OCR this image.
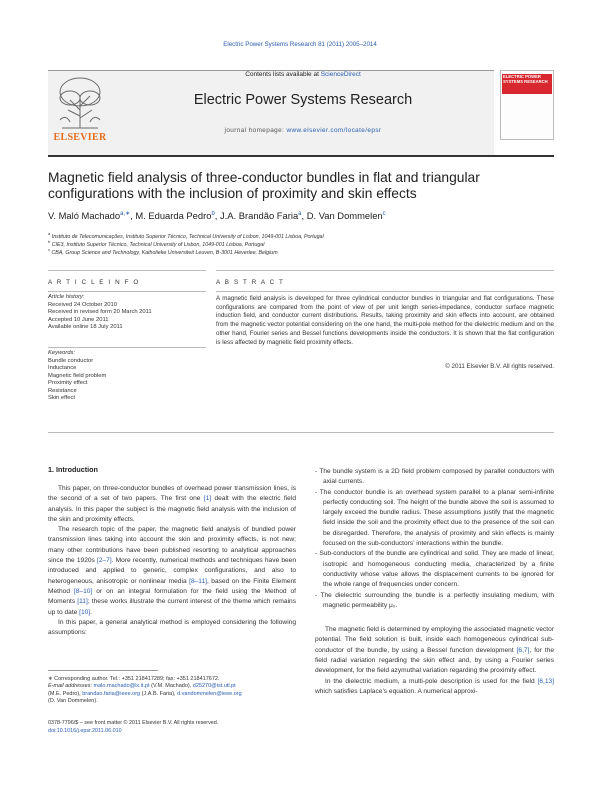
Electric Power Systems Research 81 (2011) 2005–2014
ELSEVIER
Contents lists available at ScienceDirect
Electric Power Systems Research
journal homepage: www.elsevier.com/locate/epsr
ELECTRIC POWER SYSTEMS RESEARCH
Magnetic field analysis of three-conductor bundles in flat and triangular configurations with the inclusion of proximity and skin effects
V. Maló Machado$^{a,∗}$, M. Eduarda Pedro$^b$, J.A. Brandão Faria$^a$, D. Van Dommelen$^c$
$^a$ Instituto de Telecomunicações, Instituto Superior Técnico, Technical University of Lisbon, 1049-001 Lisboa, Portugal
$^b$ CIE3, Instituto Superior Técnico, Technical University of Lisbon, 1049-001 Lisboa, Portugal
$^c$ CBA, Group Science and Technology, Katholieke Universiteit Leuven, B-3001 Heverlee, Belgium
A R T I C L E I N F O
Article history:
Received 24 October 2010
Received in revised form 20 March 2011
Accepted 10 June 2011
Available online 18 July 2011
Keywords:
Bundle conductor
Inductance
Magnetic field problem
Proximity effect
Resistance
Skin effect
A B S T R A C T
A magnetic field analysis is developed for three cylindrical conductor bundles in triangular and flat configurations. These configurations are compared from the point of view of per unit length series-impedance, conductor surface magnetic induction field, and conductor current distributions. Results, taking proximity and skin effects into account, are obtained from the magnetic vector potential considering on the one hand, the multi-pole method for the dielectric medium and on the other hand, Fourier series and Bessel functions developments inside the conductors. It is shown that the flat configuration is less affected by magnetic field proximity effects.
© 2011 Elsevier B.V. All rights reserved.
1. Introduction

This paper, on three-conductor bundles of overhead power transmission lines, is the second of a set of two papers. The first one [1] dealt with the electric field analysis. In this paper the subject is the magnetic field analysis with the inclusion of the skin and proximity effects.

The research topic of the paper, the magnetic field analysis of bundled power transmission lines taking into account the skin and proximity effects, is not new; many other contributions have been published resorting to analytical approaches since the 1920s [2–7]. More recently, numerical methods and techniques have been introduced and applied to generic, complex configurations, and also to heterogeneous, anisotropic or nonlinear media [8–11], based on the Finite Element Method [8–10] or on an integral formulation for the field using the Method of Moments [11]; these works illustrate the current interest of the theme which remains up to date [10].

In this paper, a general analytical method is employed considering the following assumptions:

- The bundle system is a 2D field problem composed by parallel conductors with axial currents.
- The conductor bundle is an overhead system parallel to a planar semi-infinite perfectly conducting soil. The height of the bundle above the soil is assumed to largely exceed the bundle radius. These assumptions justify that the magnetic field inside the soil and the proximity effect due to the presence of the soil can be disregarded. Therefore, the analysis of proximity and skin effects is mainly focused on the sub-conductors’ interactions within the bundle.
- Sub-conductors of the bundle are cylindrical and solid. They are made of linear, isotropic and homogeneous conducting media, characterized by a finite conductivity whose value allows the displacement currents to be ignored for the whole range of frequencies under concern.
- The dielectric surrounding the bundle is a perfectly insulating medium, with magnetic permeability μ₀.

The magnetic field is determined by employing the associated magnetic vector potential. The field solution is built, inside each homogeneous cylindrical sub-conductor of the bundle, by using a Bessel function development [6,7], for the field radial variation regarding the skin effect and, by using a Fourier series development, for the field azymuthal variation regarding the proximity effect.

In the dielectric medium, a multi-pole description is used for the field [6,13] which satisfies Laplace’s equation. A numerical approxi-

∗ Corresponding author. Tel.: +351 218417289; fax: +351 218417672.
E-mail addresses: malo.machado@lx.it.pt (V.M. Machado), d25270@ist.utl.pt
(M.E. Pedro), brandao.faria@ieee.org (J.A.B. Faria), d.vandommelen@ieee.org
(D. Van Dommelen).
0378-7796/$ – see front matter © 2011 Elsevier B.V. All rights reserved.
doi:10.1016/j.epsr.2011.06.010
